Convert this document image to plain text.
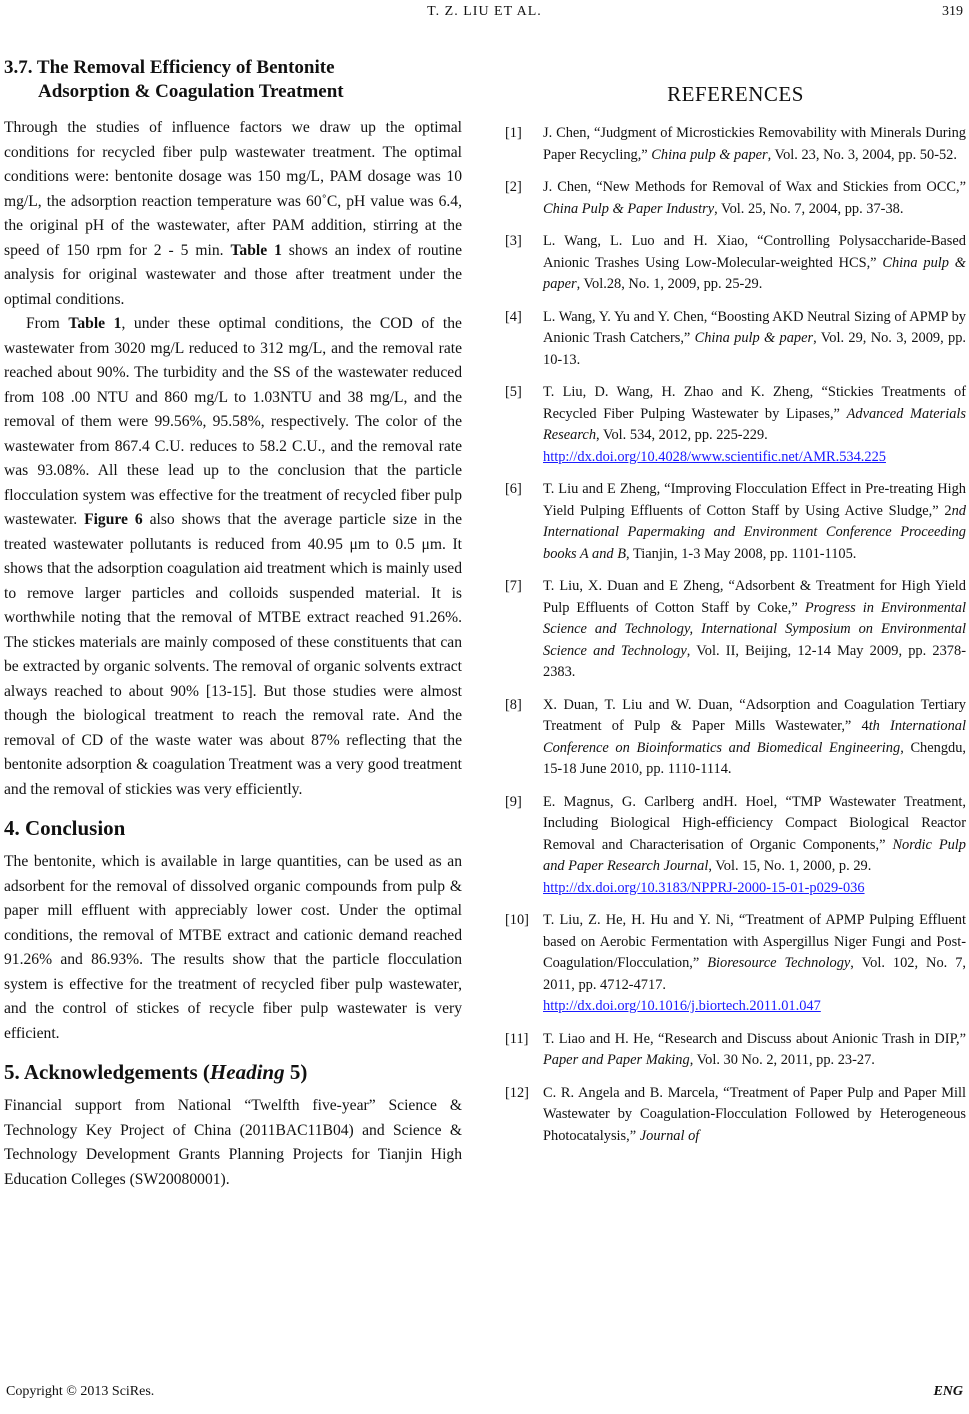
T. Z. LIU ET AL.	319
3.7. The Removal Efficiency of Bentonite
Adsorption & Coagulation Treatment

Through the studies of influence factors we draw up the optimal conditions for recycled fiber pulp wastewater treatment. The optimal conditions were: bentonite dosage was 150 mg/L, PAM dosage was 10 mg/L, the adsorption reaction temperature was 60˚C, pH value was 6.4, the original pH of the wastewater, after PAM addition, stirring at the speed of 150 rpm for 2 - 5 min. Table 1 shows an index of routine analysis for original wastewater and those after treatment under the optimal conditions.

From Table 1, under these optimal conditions, the COD of the wastewater from 3020 mg/L reduced to 312 mg/L, and the removal rate reached about 90%. The turbidity and the SS of the wastewater reduced from 108 .00 NTU and 860 mg/L to 1.03NTU and 38 mg/L, and the removal of them were 99.56%, 95.58%, respectively. The color of the wastewater from 867.4 C.U. reduces to 58.2 C.U., and the removal rate was 93.08%. All these lead up to the conclusion that the particle flocculation system was effective for the treatment of recycled fiber pulp wastewater. Figure 6 also shows that the average particle size in the treated wastewater pollutants is reduced from 40.95 μm to 0.5 μm. It shows that the adsorption coagulation aid treatment which is mainly used to remove larger particles and colloids suspended material. It is worthwhile noting that the removal of MTBE extract reached 91.26%. The stickes materials are mainly composed of these constituents that can be extracted by organic solvents. The removal of organic solvents extract always reached to about 90% [13-15]. But those studies were almost though the biological treatment to reach the removal rate. And the removal of CD of the waste water was about 87% reflecting that the bentonite adsorption & coagulation Treatment was a very good treatment and the removal of stickies was very efficiently.

4. Conclusion

The bentonite, which is available in large quantities, can be used as an adsorbent for the removal of dissolved organic compounds from pulp & paper mill effluent with appreciably lower cost. Under the optimal conditions, the removal of MTBE extract and cationic demand reached 91.26% and 86.93%. The results show that the particle flocculation system is effective for the treatment of recycled fiber pulp wastewater, and the control of stickes of recycle fiber pulp wastewater is very efficient.

5. Acknowledgements (Heading 5)

Financial support from National “Twelfth five-year” Science & Technology Key Project of China (2011BAC11B04) and Science & Technology Development Grants Planning Projects for Tianjin High Education Colleges (SW20080001).

REFERENCES
[1]	J. Chen, “Judgment of Microstickies Removability with Minerals During Paper Recycling,” China pulp & paper, Vol. 23, No. 3, 2004, pp. 50-52.
[2]	J. Chen, “New Methods for Removal of Wax and Stickies from OCC,” China Pulp & Paper Industry, Vol. 25, No. 7, 2004, pp. 37-38.
[3]	L. Wang, L. Luo and H. Xiao, “Controlling Polysaccharide-Based Anionic Trashes Using Low-Molecular-weighted HCS,” China pulp & paper, Vol.28, No. 1, 2009, pp. 25-29.
[4]	L. Wang, Y. Yu and Y. Chen, “Boosting AKD Neutral Sizing of APMP by Anionic Trash Catchers,” China pulp & paper, Vol. 29, No. 3, 2009, pp. 10-13.
[5]	T. Liu, D. Wang, H. Zhao and K. Zheng, “Stickies Treatments of Recycled Fiber Pulping Wastewater by Lipases,” Advanced Materials Research, Vol. 534, 2012, pp. 225-229.
http://dx.doi.org/10.4028/www.scientific.net/AMR.534.225
[6]	T. Liu and E Zheng, “Improving Flocculation Effect in Pre-treating High Yield Pulping Effluents of Cotton Staff by Using Active Sludge,” 2nd International Papermaking and Environment Conference Proceeding books A and B, Tianjin, 1-3 May 2008, pp. 1101-1105.
[7]	T. Liu, X. Duan and E Zheng, “Adsorbent & Treatment for High Yield Pulp Effluents of Cotton Staff by Coke,” Progress in Environmental Science and Technology, International Symposium on Environmental Science and Technology, Vol. II, Beijing, 12-14 May 2009, pp. 2378-2383.
[8]	X. Duan, T. Liu and W. Duan, “Adsorption and Coagulation Tertiary Treatment of Pulp & Paper Mills Wastewater,” 4th International Conference on Bioinformatics and Biomedical Engineering, Chengdu, 15-18 June 2010, pp. 1110-1114.
[9]	E. Magnus, G. Carlberg andH. Hoel, “TMP Wastewater Treatment, Including Biological High-efficiency Compact Biological Reactor Removal and Characterisation of Organic Components,” Nordic Pulp and Paper Research Journal, Vol. 15, No. 1, 2000, p. 29.
http://dx.doi.org/10.3183/NPPRJ-2000-15-01-p029-036
[10] T. Liu, Z. He, H. Hu and Y. Ni, “Treatment of APMP Pulping Effluent based on Aerobic Fermentation with Aspergillus Niger Fungi and Post-Coagulation/Flocculation,” Bioresource Technology, Vol. 102, No. 7, 2011, pp. 4712-4717.
http://dx.doi.org/10.1016/j.biortech.2011.01.047
[11]	T. Liao and H. He, “Research and Discuss about Anionic Trash in DIP,” Paper and Paper Making, Vol. 30 No. 2, 2011, pp. 23-27.
[12] C. R. Angela and B. Marcela, “Treatment of Paper Pulp and Paper Mill Wastewater by Coagulation-Flocculation Followed by Heterogeneous Photocatalysis,” Journal of
Copyright © 2013 SciRes.	ENG
